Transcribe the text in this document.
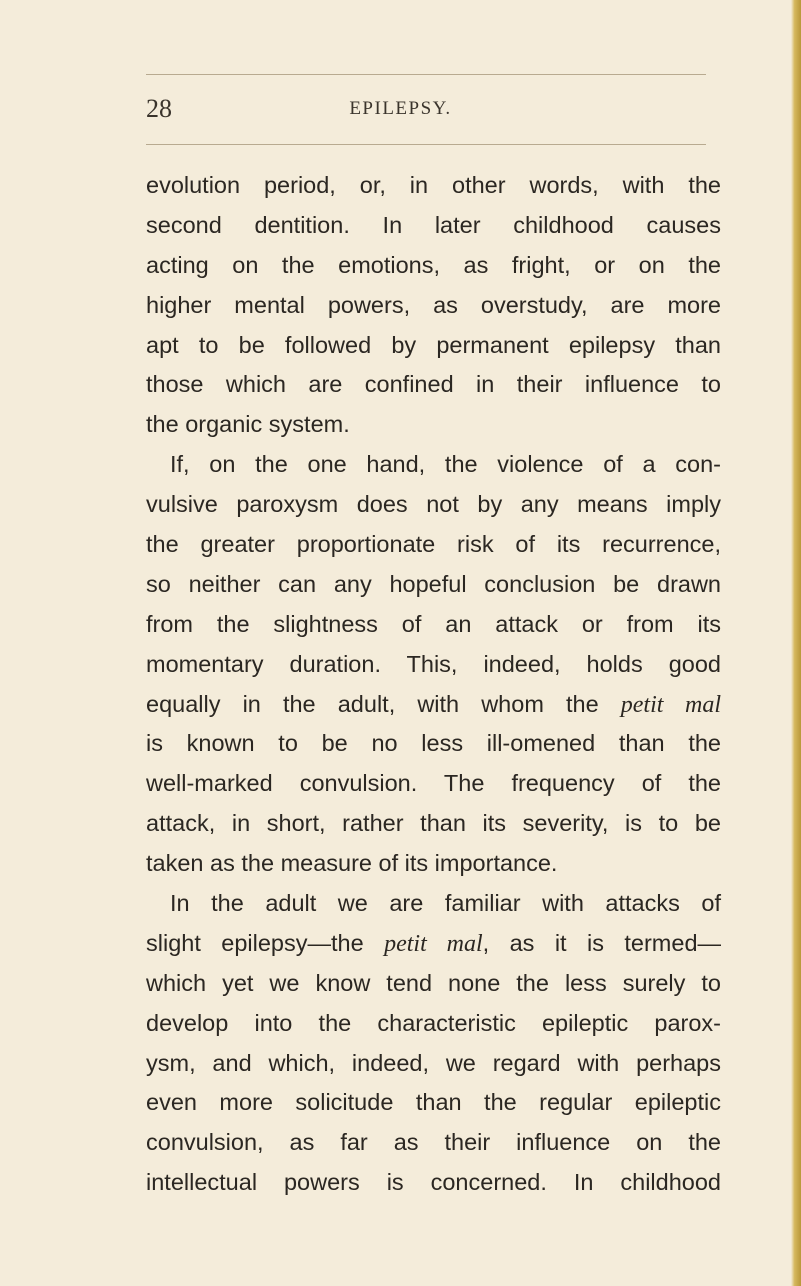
28	EPILEPSY.
evolution period, or, in other words, with the
second dentition. In later childhood causes
acting on the emotions, as fright, or on the
higher mental powers, as overstudy, are more
apt to be followed by permanent epilepsy than
those which are confined in their influence to
the organic system.
If, on the one hand, the violence of a con-
vulsive paroxysm does not by any means imply
the greater proportionate risk of its recurrence,
so neither can any hopeful conclusion be drawn
from the slightness of an attack or from its
momentary duration. This, indeed, holds good
equally in the adult, with whom the petit mal
is known to be no less ill-omened than the
well-marked convulsion. The frequency of the
attack, in short, rather than its severity, is to be
taken as the measure of its importance.
In the adult we are familiar with attacks of
slight epilepsy—the petit mal, as it is termed—
which yet we know tend none the less surely to
develop into the characteristic epileptic parox-
ysm, and which, indeed, we regard with perhaps
even more solicitude than the regular epileptic
convulsion, as far as their influence on the
intellectual powers is concerned. In childhood
